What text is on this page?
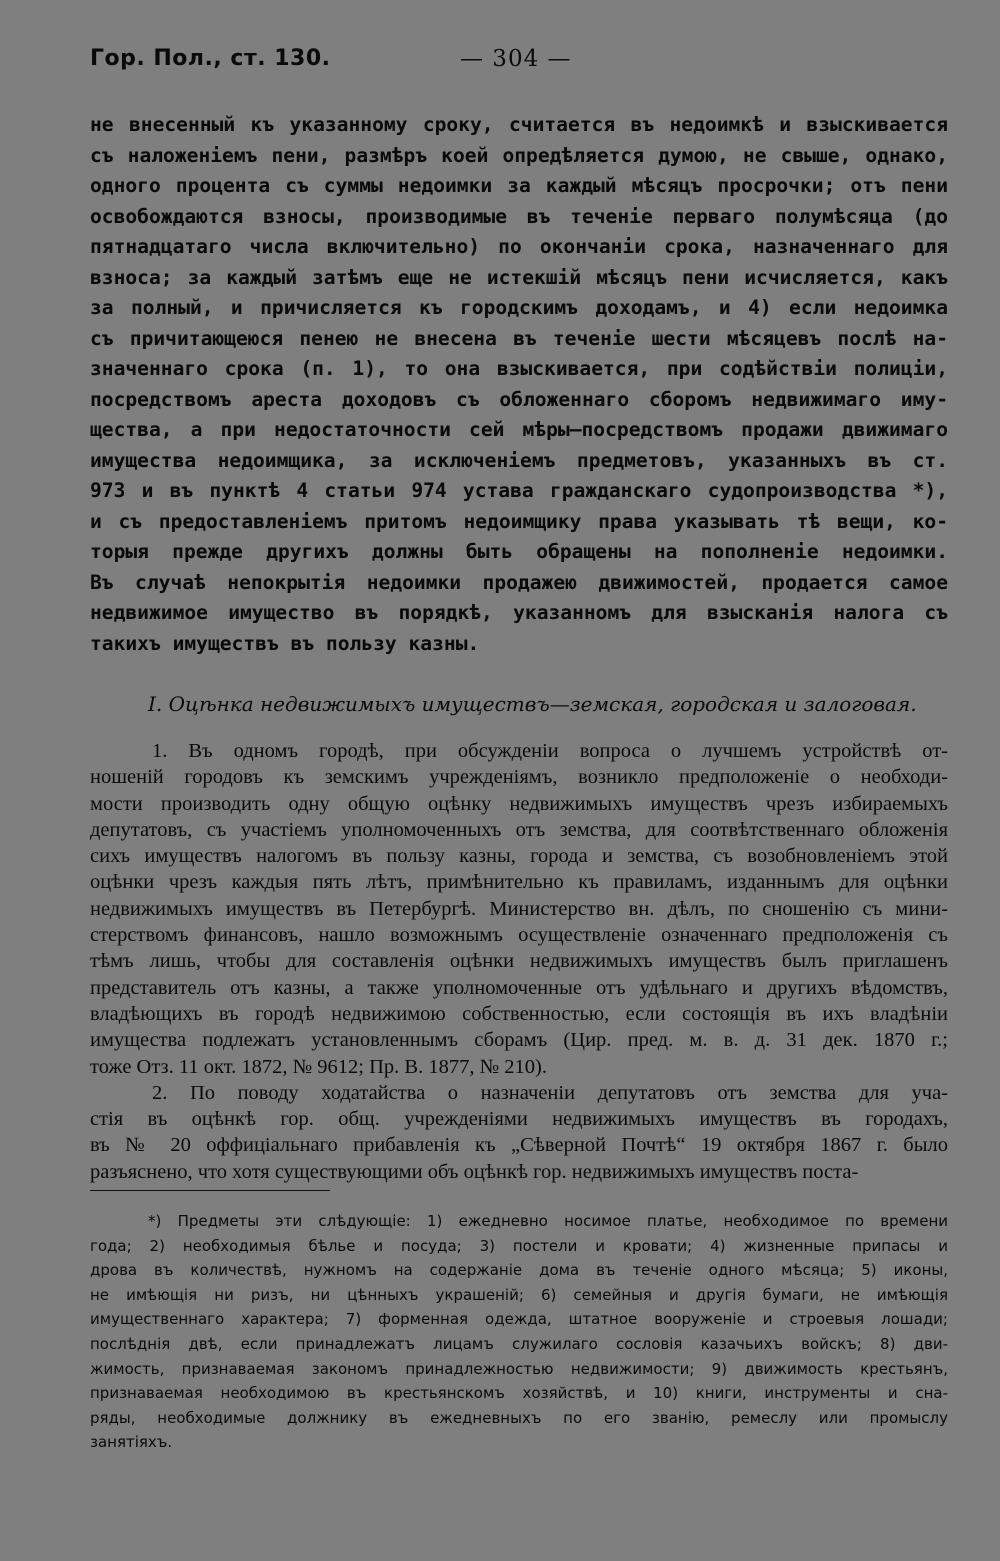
Гор. Пол., ст. 130.	— 304 —
не внесенный къ указанному сроку, считается въ недоимкѣ и взыскивается
съ наложенiемъ пени, размѣръ коей опредѣляется думою, не свыше, однако,
одного процента съ суммы недоимки за каждый мѣсяцъ просрочки; отъ пени
освобождаются взносы, производимые въ теченiе перваго полумѣсяца (до
пятнадцатаго числа включительно) по окончанiи срока, назначеннаго для
взноса; за каждый затѣмъ еще не истекшiй мѣсяцъ пени исчисляется, какъ
за полный, и причисляется къ городскимъ доходамъ, и 4) если недоимка
съ причитающеюся пенею не внесена въ теченiе шести мѣсяцевъ послѣ на-
значеннаго срока (п. 1), то она взыскивается, при содѣйствiи полицiи,
посредствомъ ареста доходовъ съ обложеннаго сборомъ недвижимаго иму-
щества, а при недостаточности сей мѣры—посредствомъ продажи движимаго
имущества недоимщика, за исключенiемъ предметовъ, указанныхъ въ ст.
973 и въ пунктѣ 4 статьи 974 устава гражданскаго судопроизводства *),
и съ предоставленiемъ притомъ недоимщику права указывать тѣ вещи, ко-
торыя прежде другихъ должны быть обращены на пополненiе недоимки.
Въ случаѣ непокрытiя недоимки продажею движимостей, продается самое
недвижимое имущество въ порядкѣ, указанномъ для взысканiя налога съ
такихъ имуществъ въ пользу казны.
I. Оцѣнка недвижимыхъ имуществъ—земская, городская и залоговая.
1. Въ одномъ городѣ, при обсужденiи вопроса о лучшемъ устройствѣ от-
ношенiй городовъ къ земскимъ учрежденiямъ, возникло предположенiе о необходи-
мости производить одну общую оцѣнку недвижимыхъ имуществъ чрезъ избираемыхъ
депутатовъ, съ участiемъ уполномоченныхъ отъ земства, для соотвѣтственнаго обложенiя
сихъ имуществъ налогомъ въ пользу казны, города и земства, съ возобновленiемъ этой
оцѣнки чрезъ каждыя пять лѣтъ, примѣнительно къ правиламъ, изданнымъ для оцѣнки
недвижимыхъ имуществъ въ Петербургѣ. Министерство вн. дѣлъ, по сношенiю съ мини-
стерствомъ финансовъ, нашло возможнымъ осуществленiе означеннаго предположенiя съ
тѣмъ лишь, чтобы для составленiя оцѣнки недвижимыхъ имуществъ былъ приглашенъ
представитель отъ казны, а также уполномоченные отъ удѣльнаго и другихъ вѣдомствъ,
владѣющихъ въ городѣ недвижимою собственностью, если состоящiя въ ихъ владѣнiи
имущества подлежатъ установленнымъ сборамъ (Цир. пред. м. в. д. 31 дек. 1870 г.;
тоже Отз. 11 окт. 1872, № 9612; Пр. В. 1877, № 210).
2. По поводу ходатайства о назначенiи депутатовъ отъ земства для уча-
стiя въ оцѣнкѣ гор. общ. учрежденiями недвижимыхъ имуществъ въ городахъ,
въ № 20 оффицiальнаго прибавленiя къ „Сѣверной Почтѣ“ 19 октября 1867 г. было
разъяснено, что хотя существующими объ оцѣнкѣ гор. недвижимыхъ имуществъ поста-
*) Предметы эти слѣдующiе: 1) ежедневно носимое платье, необходимое по времени
года; 2) необходимыя бѣлье и посуда; 3) постели и кровати; 4) жизненные припасы и
дрова въ количествѣ, нужномъ на содержанiе дома въ теченiе одного мѣсяца; 5) иконы,
не имѣющiя ни ризъ, ни цѣнныхъ украшенiй; 6) семейныя и другiя бумаги, не имѣющiя
имущественнаго характера; 7) форменная одежда, штатное вооруженiе и строевыя лошади;
послѣднiя двѣ, если принадлежатъ лицамъ служилаго сословiя казачьихъ войскъ; 8) дви-
жимость, признаваемая закономъ принадлежностью недвижимости; 9) движимость крестьянъ,
признаваемая необходимою въ крестьянскомъ хозяйствѣ, и 10) книги, инструменты и сна-
ряды, необходимые должнику въ ежедневныхъ по его званiю, ремеслу или промыслу
занятiяхъ.
